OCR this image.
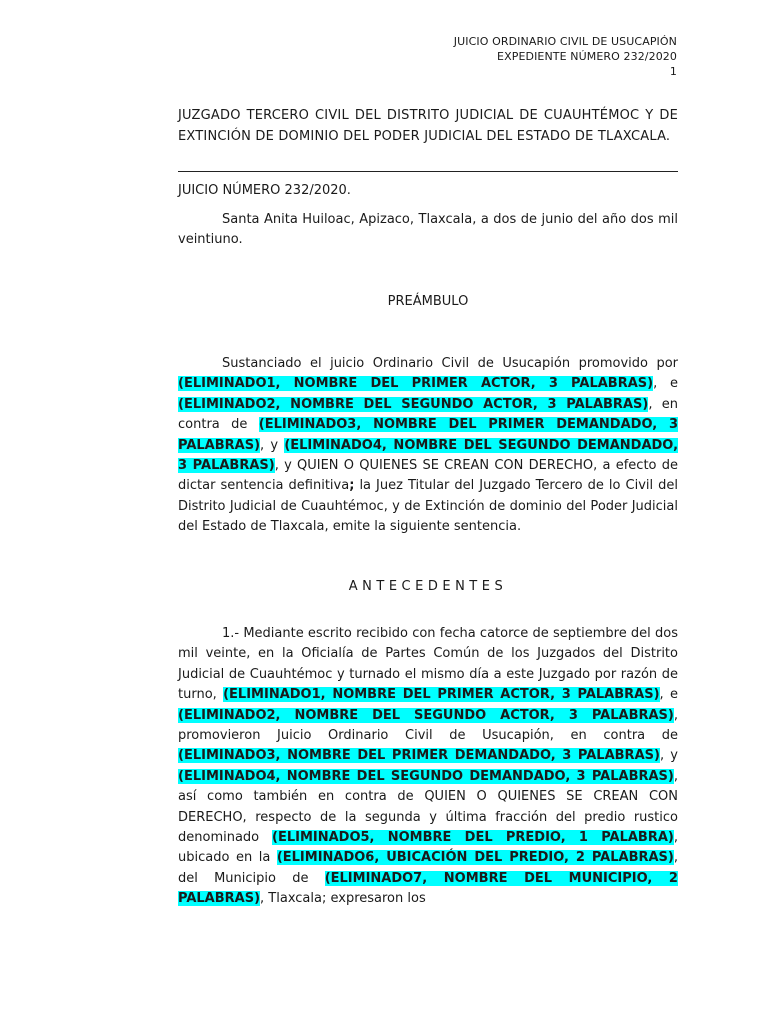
JUICIO ORDINARIO CIVIL DE USUCAPIÓN
EXPEDIENTE NÚMERO 232/2020
1
JUZGADO TERCERO CIVIL DEL DISTRITO JUDICIAL DE CUAUHTÉMOC Y DE EXTINCIÓN DE DOMINIO DEL PODER JUDICIAL DEL ESTADO DE TLAXCALA.
JUICIO NÚMERO 232/2020.
Santa Anita Huiloac, Apizaco, Tlaxcala, a dos de junio del año dos mil veintiuno.
PREÁMBULO
Sustanciado el juicio Ordinario Civil de Usucapión promovido por (ELIMINADO1, NOMBRE DEL PRIMER ACTOR, 3 PALABRAS), e (ELIMINADO2, NOMBRE DEL SEGUNDO ACTOR, 3 PALABRAS), en contra de (ELIMINADO3, NOMBRE DEL PRIMER DEMANDADO, 3 PALABRAS), y (ELIMINADO4, NOMBRE DEL SEGUNDO DEMANDADO, 3 PALABRAS), y QUIEN O QUIENES SE CREAN CON DERECHO, a efecto de dictar sentencia definitiva; la Juez Titular del Juzgado Tercero de lo Civil del Distrito Judicial de Cuauhtémoc, y de Extinción de dominio del Poder Judicial del Estado de Tlaxcala, emite la siguiente sentencia.
ANTECEDENTES
1.- Mediante escrito recibido con fecha catorce de septiembre del dos mil veinte, en la Oficialía de Partes Común de los Juzgados del Distrito Judicial de Cuauhtémoc y turnado el mismo día a este Juzgado por razón de turno, (ELIMINADO1, NOMBRE DEL PRIMER ACTOR, 3 PALABRAS), e (ELIMINADO2, NOMBRE DEL SEGUNDO ACTOR, 3 PALABRAS), promovieron Juicio Ordinario Civil de Usucapión, en contra de (ELIMINADO3, NOMBRE DEL PRIMER DEMANDADO, 3 PALABRAS), y (ELIMINADO4, NOMBRE DEL SEGUNDO DEMANDADO, 3 PALABRAS), así como también en contra de QUIEN O QUIENES SE CREAN CON DERECHO, respecto de la segunda y última fracción del predio rustico denominado (ELIMINADO5, NOMBRE DEL PREDIO, 1 PALABRA), ubicado en la (ELIMINADO6, UBICACIÓN DEL PREDIO, 2 PALABRAS), del Municipio de (ELIMINADO7, NOMBRE DEL MUNICIPIO, 2 PALABRAS), Tlaxcala; expresaron los
